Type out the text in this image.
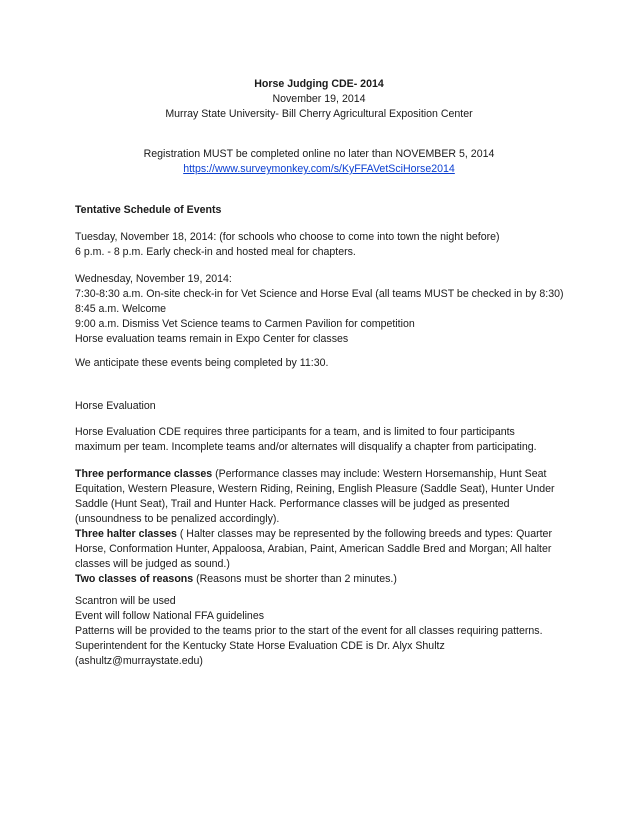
Horse Judging CDE- 2014
November 19, 2014
Murray State University- Bill Cherry Agricultural Exposition Center
Registration MUST be completed online no later than NOVEMBER 5, 2014
https://www.surveymonkey.com/s/KyFFAVetSciHorse2014
Tentative Schedule of Events
Tuesday, November 18, 2014: (for schools who choose to come into town the night before)
6 p.m. - 8 p.m. Early check-in and hosted meal for chapters.
Wednesday, November 19, 2014:
7:30-8:30 a.m. On-site check-in for Vet Science and Horse Eval (all teams MUST be checked in by 8:30)
8:45 a.m. Welcome
9:00 a.m. Dismiss Vet Science teams to Carmen Pavilion for competition
Horse evaluation teams remain in Expo Center for classes
We anticipate these events being completed by 11:30.
Horse Evaluation
Horse Evaluation CDE requires three participants for a team, and is limited to four participants maximum per team. Incomplete teams and/or alternates will disqualify a chapter from participating.
Three performance classes (Performance classes may include: Western Horsemanship, Hunt Seat Equitation, Western Pleasure, Western Riding, Reining, English Pleasure (Saddle Seat), Hunter Under Saddle (Hunt Seat), Trail and Hunter Hack. Performance classes will be judged as presented (unsoundness to be penalized accordingly).
Three halter classes ( Halter classes may be represented by the following breeds and types: Quarter Horse, Conformation Hunter, Appaloosa, Arabian, Paint, American Saddle Bred and Morgan; All halter classes will be judged as sound.)
Two classes of reasons (Reasons must be shorter than 2 minutes.)
Scantron will be used
Event will follow National FFA guidelines
Patterns will be provided to the teams prior to the start of the event for all classes requiring patterns.
Superintendent for the Kentucky State Horse Evaluation CDE is Dr. Alyx Shultz
(ashultz@murraystate.edu)
